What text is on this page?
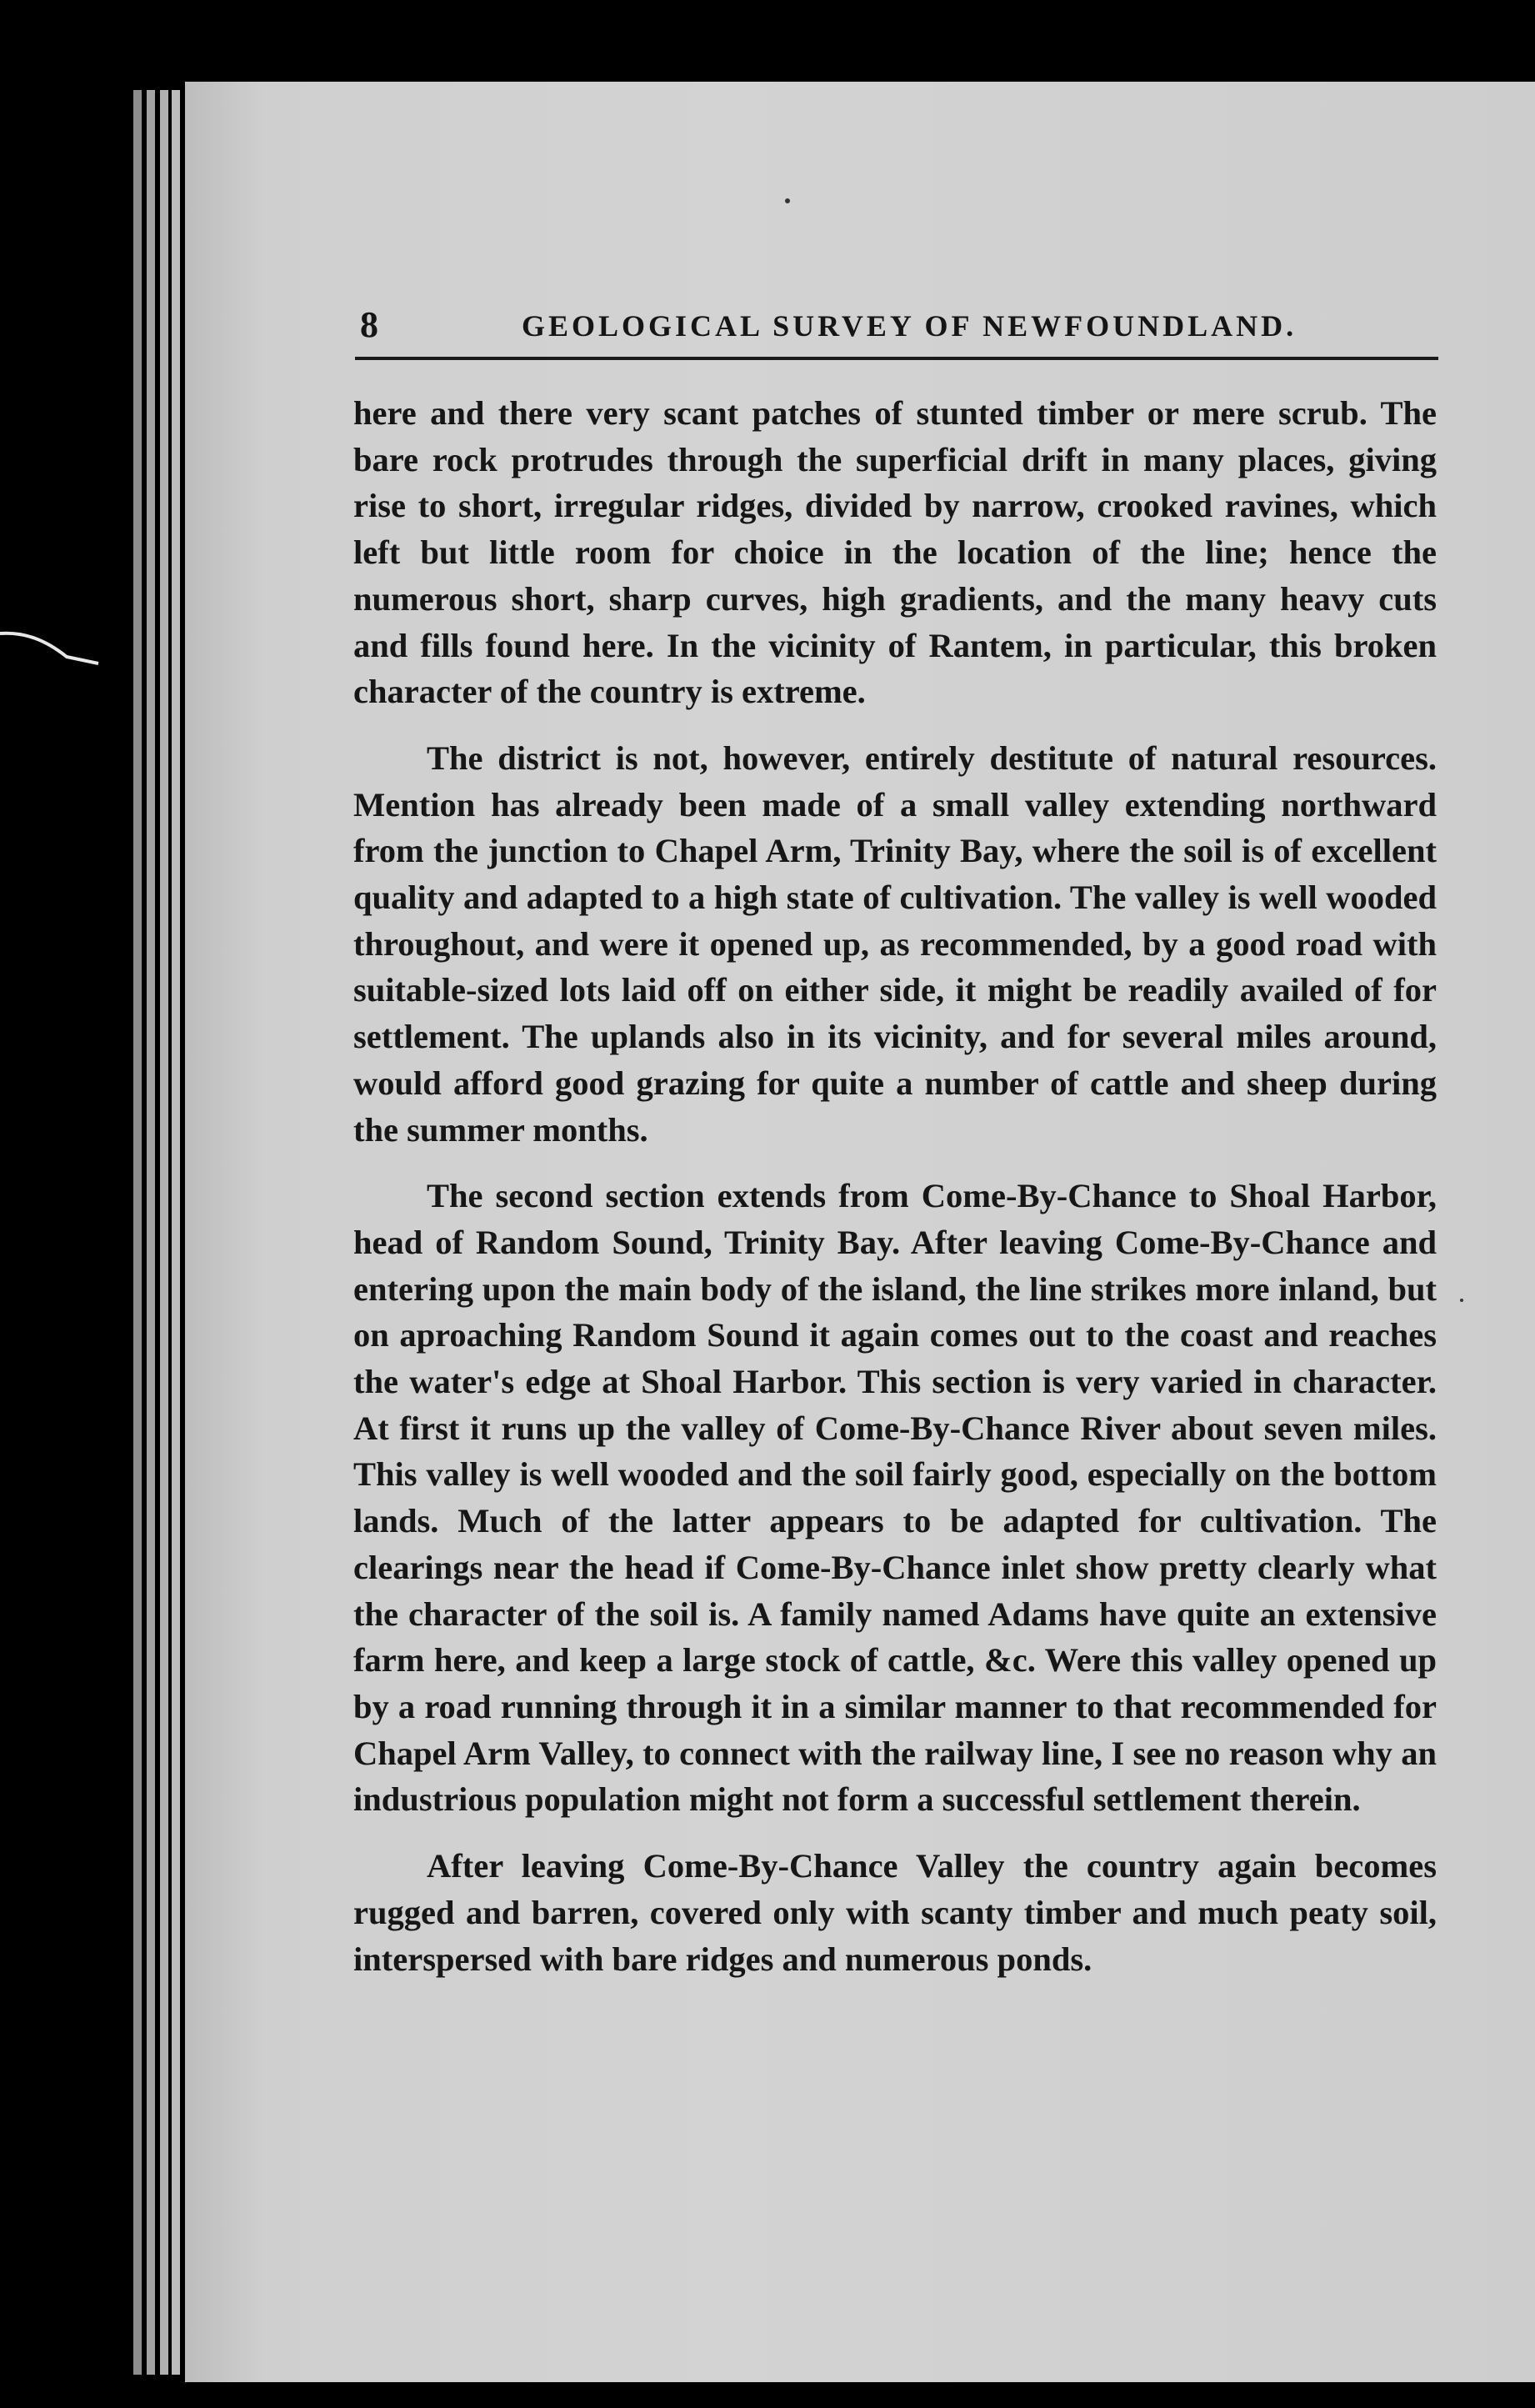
8	GEOLOGICAL SURVEY OF NEWFOUNDLAND.

here and there very scant patches of stunted timber or mere scrub. The bare rock protrudes through the superficial drift in many places, giving rise to short, irregular ridges, divided by narrow, crooked ravines, which left but little room for choice in the location of the line; hence the numerous short, sharp curves, high gradients, and the many heavy cuts and fills found here. In the vicinity of Rantem, in particular, this broken character of the country is extreme.

The district is not, however, entirely destitute of natural resources. Mention has already been made of a small valley extending northward from the junction to Chapel Arm, Trinity Bay, where the soil is of excellent quality and adapted to a high state of cultivation. The valley is well wooded throughout, and were it opened up, as recommended, by a good road with suitable-sized lots laid off on either side, it might be readily availed of for settlement. The uplands also in its vicinity, and for several miles around, would afford good grazing for quite a number of cattle and sheep during the summer months.

The second section extends from Come-By-Chance to Shoal Harbor, head of Random Sound, Trinity Bay. After leaving Come-By-Chance and entering upon the main body of the island, the line strikes more inland, but on aproaching Random Sound it again comes out to the coast and reaches the water's edge at Shoal Harbor. This section is very varied in character. At first it runs up the valley of Come-By-Chance River about seven miles. This valley is well wooded and the soil fairly good, especially on the bottom lands. Much of the latter appears to be adapted for cultivation. The clearings near the head if Come-By-Chance inlet show pretty clearly what the character of the soil is. A family named Adams have quite an extensive farm here, and keep a large stock of cattle, &c. Were this valley opened up by a road running through it in a similar manner to that recommended for Chapel Arm Valley, to connect with the railway line, I see no reason why an industrious population might not form a successful settlement therein.

After leaving Come-By-Chance Valley the country again becomes rugged and barren, covered only with scanty timber and much peaty soil, interspersed with bare ridges and numerous ponds.
